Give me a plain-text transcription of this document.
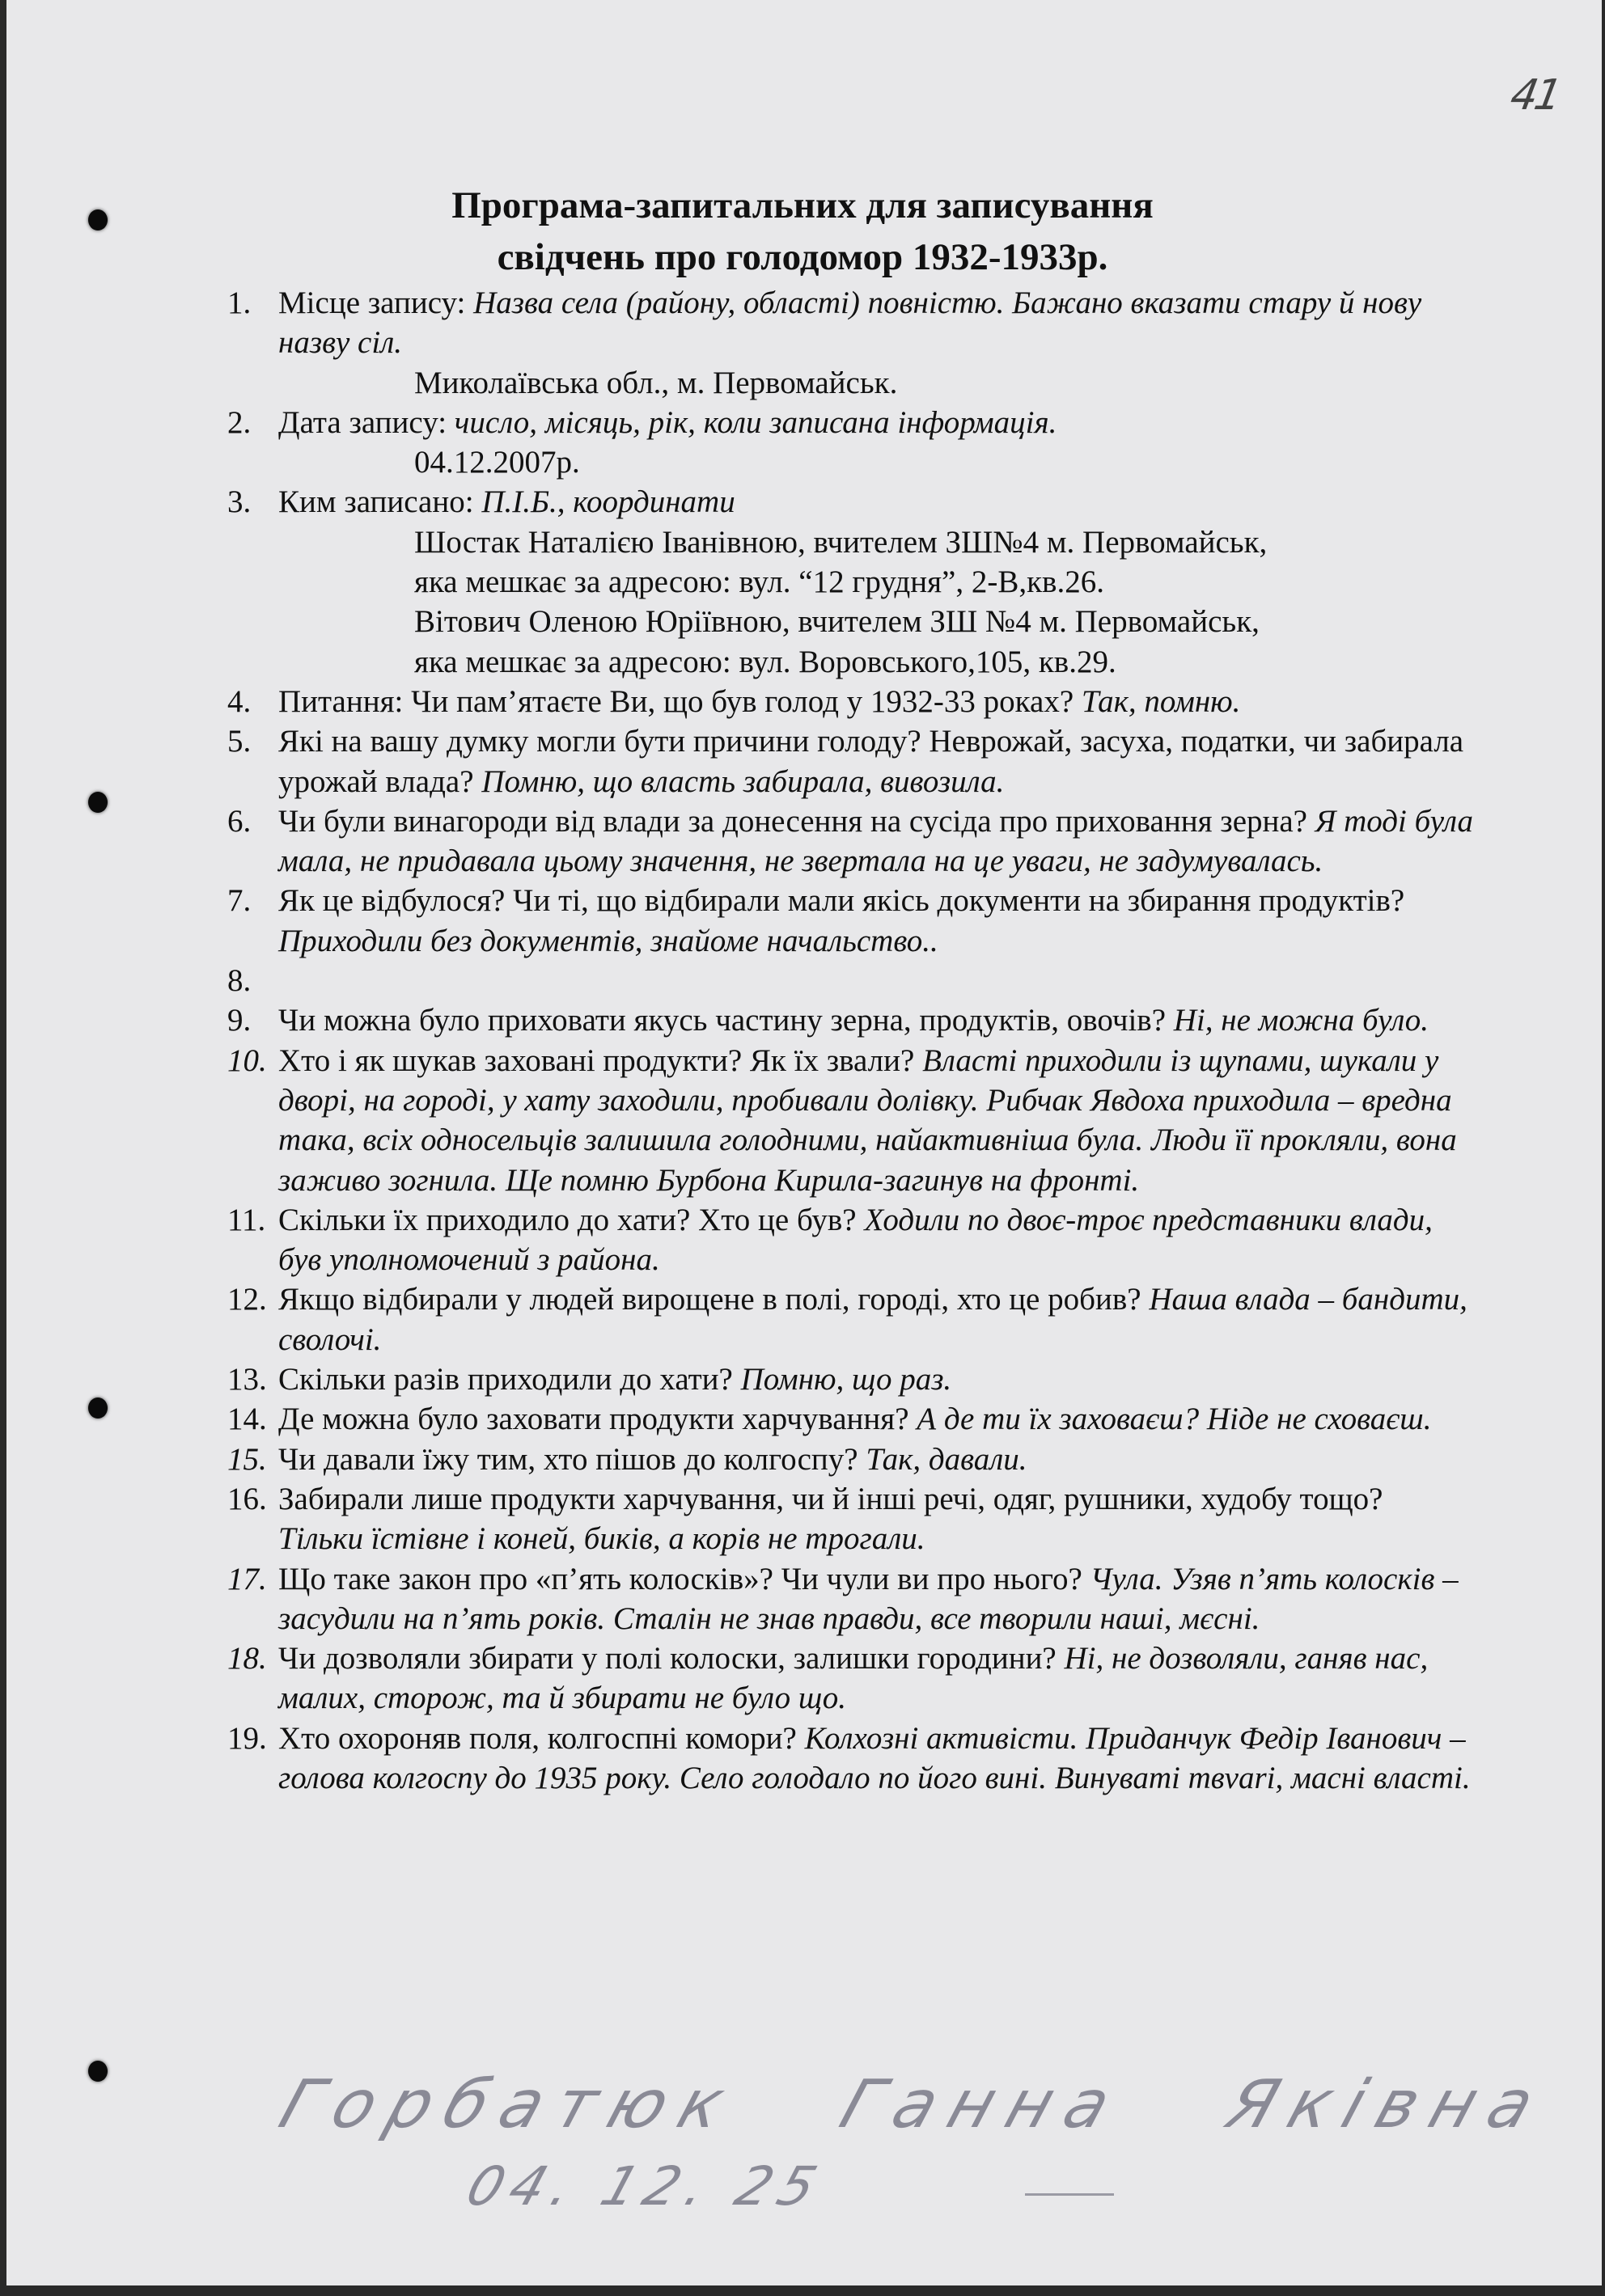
41
Програма-запитальних для записування
свідчень про голодомор 1932-1933р.
1. Місце запису: Назва села (району, області) повністю. Бажано вказати стару й нову назву сіл.
Миколаївська обл., м. Первомайськ.
2. Дата запису: число, місяць, рік, коли записана інформація.
04.12.2007р.
3. Ким записано: П.І.Б., координати
Шостак Наталією Іванівною, вчителем ЗШ№4 м. Первомайськ,
яка мешкає за адресою: вул. “12 грудня”, 2-В,кв.26.
Вітович Оленою Юріївною, вчителем ЗШ №4 м. Первомайськ,
яка мешкає за адресою: вул. Воровського,105, кв.29.
4. Питання: Чи пам’ятаєте Ви, що був голод у 1932-33 роках? Так, помню.
5. Які на вашу думку могли бути причини голоду? Неврожай, засуха, податки, чи забирала урожай влада? Помню, що власть забирала, вивозила.
6. Чи були винагороди від влади за донесення на сусіда про приховання зерна? Я тоді була мала, не придавала цьому значення, не звертала на це уваги, не задумувалась.
7. Як це відбулося? Чи ті, що відбирали мали якісь документи на збирання продуктів? Приходили без документів, знайоме начальство..
8.
9. Чи можна було приховати якусь частину зерна, продуктів, овочів? Ні, не можна було.
10. Хто і як шукав заховані продукти? Як їх звали? Власті приходили із щупами, шукали у дворі, на городі, у хату заходили, пробивали долівку. Рибчак Явдоха приходила – вредна така, всіх односельців залишила голодними, найактивніша була. Люди її прокляли, вона заживо зогнила. Ще помню Бурбона Кирила-загинув на фронті.
11. Скільки їх приходило до хати? Хто це був? Ходили по двоє-троє представники влади, був уполномочений з района.
12. Якщо відбирали у людей вирощене в полі, городі, хто це робив? Наша влада – бандити, сволочі.
13. Скільки разів приходили до хати? Помню, що раз.
14. Де можна було заховати продукти харчування? А де ти їх заховаєш? Ніде не сховаєш.
15. Чи давали їжу тим, хто пішов до колгоспу? Так, давали.
16. Забирали лише продукти харчування, чи й інші речі, одяг, рушники, худобу тощо? Тільки їстівне і коней, биків, а корів не трогали.
17. Що таке закон про «п’ять колосків»? Чи чули ви про нього? Чула. Узяв п’ять колосків – засудили на п’ять років. Сталін не знав правди, все творили наші, мєсні.
18. Чи дозволяли збирати у полі колоски, залишки городини? Ні, не дозволяли, ганяв нас, малих, сторож, та й збирати не було що.
19. Хто охороняв поля, колгоспні комори? Колхозні активісти. Приданчук Федір Іванович – голова колгоспу до 1935 року. Село голодало по його вині. Винуваті твvarі, масні власті.
Горбатюк Ганна Яківна
04. 12. 25
